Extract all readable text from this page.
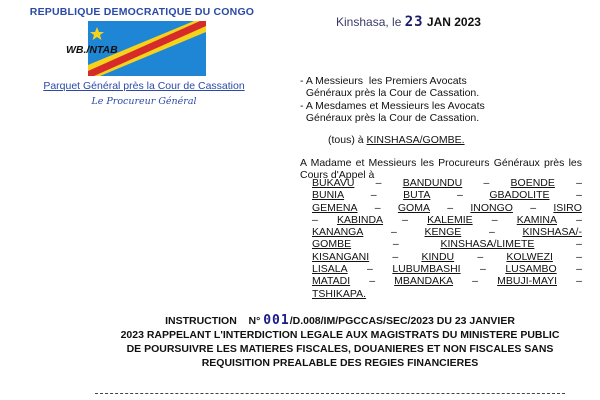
REPUBLIQUE DEMOCRATIQUE DU CONGO
WB./NTAB
Parquet Général près la Cour de Cassation
Le Procureur Général
Kinshasa, le 23 JAN 2023
- A Messieurs  les Premiers Avocats
Généraux près la Cour de Cassation.
- A Mesdames et Messieurs les Avocats
Généraux près la Cour de Cassation.
(tous) à KINSHASA/GOMBE.
A Madame et Messieurs les Procureurs Généraux près les Cours d'Appel à
BUKAVU – BANDUNDU – BOENDE –
BUNIA	–	BUTA	–	GBADOLITE	–
GEMENA – GOMA – INONGO – ISIRO
– KABINDA – KALEMIE – KAMINA –
KANANGA	–	KENGE	–	KINSHASA/-
GOMBE	–	KINSHASA/LIMETE	–
KISANGANI – KINDU – KOLWEZI –
LISALA – LUBUMBASHI – LUSAMBO –
MATADI – MBANDAKA – MBUJI-MAYI –
TSHIKAPA.
INSTRUCTION N° 001/D.008/IM/PGCCAS/SEC/2023 DU 23 JANVIER
2023 RAPPELANT L'INTERDICTION LEGALE AUX MAGISTRATS DU MINISTERE PUBLIC DE POURSUIVRE LES MATIERES FISCALES, DOUANIERES ET NON FISCALES SANS REQUISITION PREALABLE DES REGIES FINANCIERES
